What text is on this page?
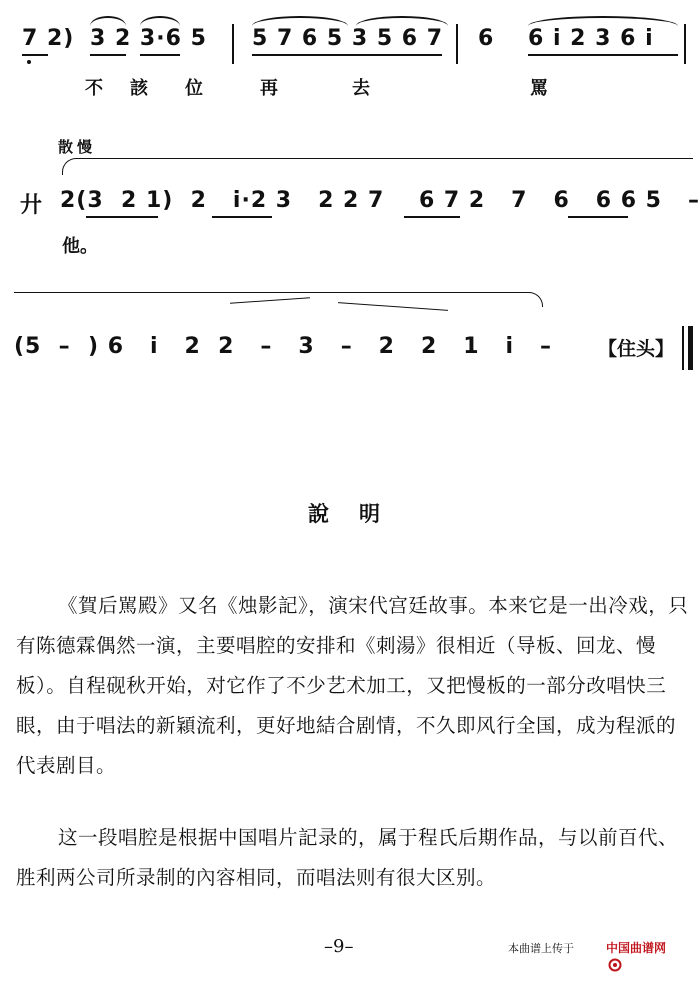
7 2) 3 2 3·6 5 5 7 6 5 3 5 6 7 6 6 i 2 3 6 i
不 該 位	再	去	罵
散慢
廾 2(3  2 1)  2   i·2 3   2 2 7    6 7 2   7   6   6 6 5   –
他。
(5  –  ) 6   i   2  2   –   3   –   2   2   1   i   – 【住头】
說明
《賀后駡殿》又名《烛影記》，演宋代宫廷故事。本来它是一出冷戏，只有陈德霖偶然一演，主要唱腔的安排和《刺湯》很相近（导板、回龙、慢板）。自程砚秋开始，对它作了不少艺术加工，又把慢板的一部分改唱快三眼，由于唱法的新穎流利，更好地結合剧情，不久即风行全国，成为程派的代表剧目。
这一段唱腔是根据中国唱片記录的，属于程氏后期作品，与以前百代、胜利两公司所录制的內容相同，而唱法则有很大区别。
–9–	本曲谱上传于

	中国曲谱网
